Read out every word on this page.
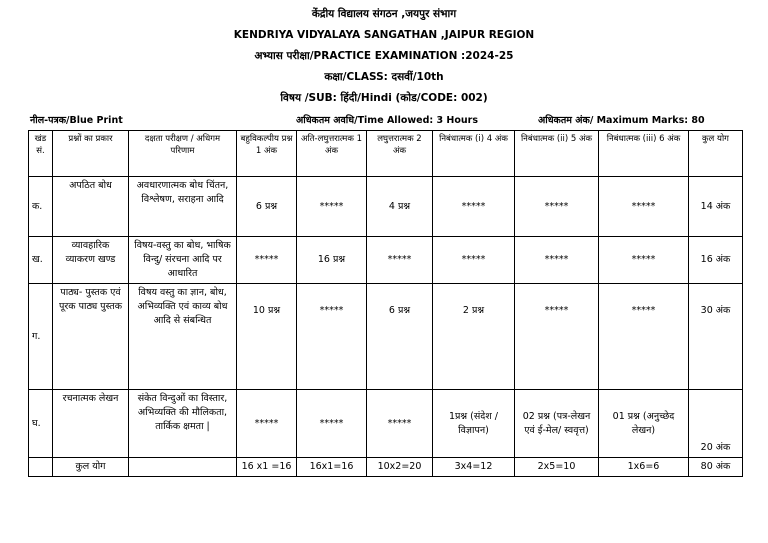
केंद्रीय विद्यालय संगठन ,जयपुर संभाग
KENDRIYA VIDYALAYA SANGATHAN ,JAIPUR REGION
अभ्यास परीक्षा/PRACTICE EXAMINATION :2024-25
कक्षा/CLASS: दसवीं/10th
विषय /SUB: हिंदी/Hindi (कोड/CODE: 002)
नील-पत्रक/Blue Print	अधिकतम अवधि/Time Allowed: 3 Hours	अधिकतम अंक/ Maximum Marks: 80
खंड सं.	प्रश्नों का प्रकार	दक्षता परीक्षण / अधिगम परिणाम	बहुविकल्पीय प्रश्न 1 अंक	अति-लघुत्तरात्मक 1 अंक	लघुत्तरात्मक 2 अंक	निबंधात्मक (i) 4 अंक	निबंधात्मक (ii) 5 अंक	निबंधात्मक (iii) 6 अंक	कुल योग
क.	अपठित बोध	अवधारणात्मक बोध चिंतन, विश्लेषण, सराहना आदि	6 प्रश्न	*****	4 प्रश्न	*****	*****	*****	14 अंक
ख.	व्यावहारिक व्याकरण खण्ड	विषय-वस्तु का बोध, भाषिक विन्दु/ संरचना आदि पर आधारित	*****	16 प्रश्न	*****	*****	*****	*****	16 अंक
ग.	पाठ्य- पुस्तक एवं पूरक पाठ्य पुस्तक	विषय वस्तु का ज्ञान, बोध, अभिव्यक्ति एवं काव्य बोध आदि से संबन्धित	10 प्रश्न	*****	6 प्रश्न	2 प्रश्न	*****	*****	30 अंक
घ.	रचनात्मक लेखन	संकेत विन्दुओं का विस्तार, अभिव्यक्ति की मौलिकता, तार्किक क्षमता |	*****	*****	*****	1प्रश्न (संदेश / विज्ञापन)	02 प्रश्न (पत्र-लेखन एवं ई-मेल/ स्ववृत्त)	01 प्रश्न (अनुच्छेद लेखन)	20 अंक
	कुल योग		16 x1 =16	16x1=16	10x2=20	3x4=12	2x5=10	1x6=6	80 अंक
